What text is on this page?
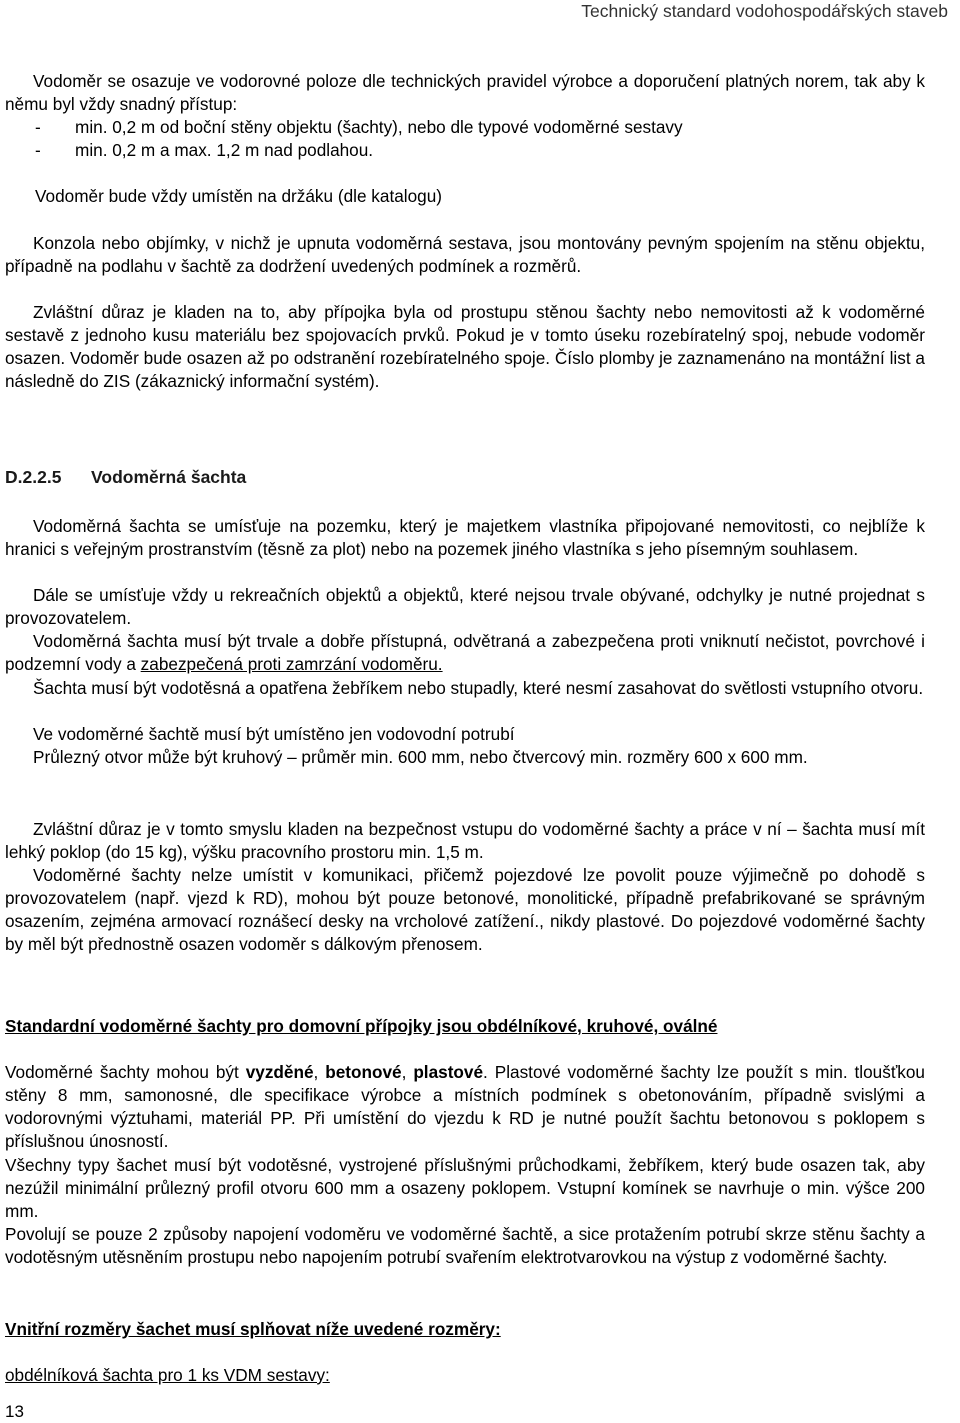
Technický standard vodohospodářských staveb

Vodoměr se osazuje ve vodorovné poloze dle technických pravidel výrobce a doporučení platných norem, tak aby k němu byl vždy snadný přístup:

- min. 0,2 m od boční stěny objektu (šachty), nebo dle typové vodoměrné sestavy
- min. 0,2 m a max. 1,2 m nad podlahou.
Vodoměr bude vždy umístěn na držáku (dle katalogu)

Konzola nebo objímky, v nichž je upnuta vodoměrná sestava, jsou montovány pevným spojením na stěnu objektu, případně na podlahu v šachtě za dodržení uvedených podmínek a rozměrů.

Zvláštní důraz je kladen na to, aby přípojka byla od prostupu stěnou šachty nebo nemovitosti až k vodoměrné sestavě z jednoho kusu materiálu bez spojovacích prvků. Pokud je v tomto úseku rozebíratelný spoj, nebude vodoměr osazen. Vodoměr bude osazen až po odstranění rozebíratelného spoje. Číslo plomby je zaznamenáno na montážní list a následně do ZIS (zákaznický informační systém).

D.2.2.5 Vodoměrná šachta

Vodoměrná šachta se umísťuje na pozemku, který je majetkem vlastníka připojované nemovitosti, co nejblíže k hranici s veřejným prostranstvím (těsně za plot) nebo na pozemek jiného vlastníka s jeho písemným souhlasem.

Dále se umísťuje vždy u rekreačních objektů a objektů, které nejsou trvale obývané, odchylky je nutné projednat s provozovatelem.

Vodoměrná šachta musí být trvale a dobře přístupná, odvětraná a zabezpečena proti vniknutí nečistot, povrchové i podzemní vody a zabezpečená proti zamrzání vodoměru.

Šachta musí být vodotěsná a opatřena žebříkem nebo stupadly, které nesmí zasahovat do světlosti vstupního otvoru.

Ve vodoměrné šachtě musí být umístěno jen vodovodní potrubí

Průlezný otvor může být kruhový – průměr min. 600 mm, nebo čtvercový min. rozměry 600 x 600 mm.

Zvláštní důraz je v tomto smyslu kladen na bezpečnost vstupu do vodoměrné šachty a práce v ní – šachta musí mít lehký poklop (do 15 kg), výšku pracovního prostoru min. 1,5 m.

Vodoměrné šachty nelze umístit v komunikaci, přičemž pojezdové lze povolit pouze výjimečně po dohodě s provozovatelem (např. vjezd k RD), mohou být pouze betonové, monolitické, případně prefabrikované se správným osazením, zejména armovací roznášecí desky na vrcholové zatížení., nikdy plastové. Do pojezdové vodoměrné šachty by měl být přednostně osazen vodoměr s dálkovým přenosem.

Standardní vodoměrné šachty pro domovní přípojky jsou obdélníkové, kruhové, oválné

Vodoměrné šachty mohou být vyzděné, betonové, plastové. Plastové vodoměrné šachty lze použít s min. tloušťkou stěny 8 mm, samonosné, dle specifikace výrobce a místních podmínek s obetonováním, případně svislými a vodorovnými výztuhami, materiál PP. Při umístění do vjezdu k RD je nutné použít šachtu betonovou s poklopem s příslušnou únosností.

Všechny typy šachet musí být vodotěsné, vystrojené příslušnými průchodkami, žebříkem, který bude osazen tak, aby nezúžil minimální průlezný profil otvoru 600 mm a osazeny poklopem. Vstupní komínek se navrhuje o min. výšce 200 mm.

Povolují se pouze 2 způsoby napojení vodoměru ve vodoměrné šachtě, a sice protažením potrubí skrze stěnu šachty a vodotěsným utěsněním prostupu nebo napojením potrubí svařením elektrotvarovkou na výstup z vodoměrné šachty.

Vnitřní rozměry šachet musí splňovat níže uvedené rozměry:
obdélníková šachta pro 1 ks VDM sestavy:
13
